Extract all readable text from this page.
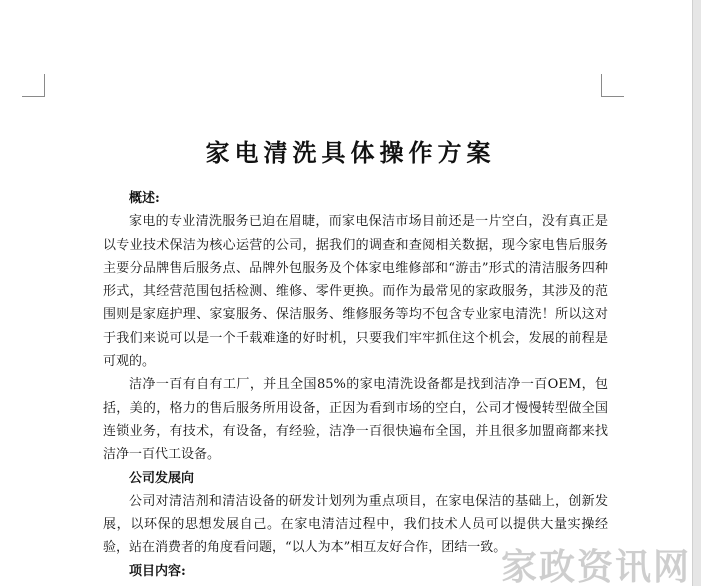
家电清洗具体操作方案

概述:

家电的专业清洗服务已迫在眉睫，而家电保洁市场目前还是一片空白，没有真正是以专业技术保洁为核心运营的公司，据我们的调查和查阅相关数据，现今家电售后服务主要分品牌售后服务点、品牌外包服务及个体家电维修部和“游击”形式的清洁服务四种形式，其经营范围包括检测、维修、零件更换。而作为最常见的家政服务，其涉及的范围则是家庭护理、家宴服务、保洁服务、维修服务等均不包含专业家电清洗！所以这对于我们来说可以是一个千载难逢的好时机，只要我们牢牢抓住这个机会，发展的前程是可观的。

洁净一百有自有工厂，并且全国85%的家电清洗设备都是找到洁净一百OEM，包括，美的，格力的售后服务所用设备，正因为看到市场的空白，公司才慢慢转型做全国连锁业务，有技术，有设备，有经验，洁净一百很快遍布全国，并且很多加盟商都来找洁净一百代工设备。

公司发展向

公司对清洁剂和清洁设备的研发计划列为重点项目，在家电保洁的基础上，创新发展，以环保的思想发展自己。在家电清洁过程中，我们技术人员可以提供大量实操经验，站在消费者的角度看问题，“以人为本”相互友好合作，团结一致。

项目内容:	家政资讯网
